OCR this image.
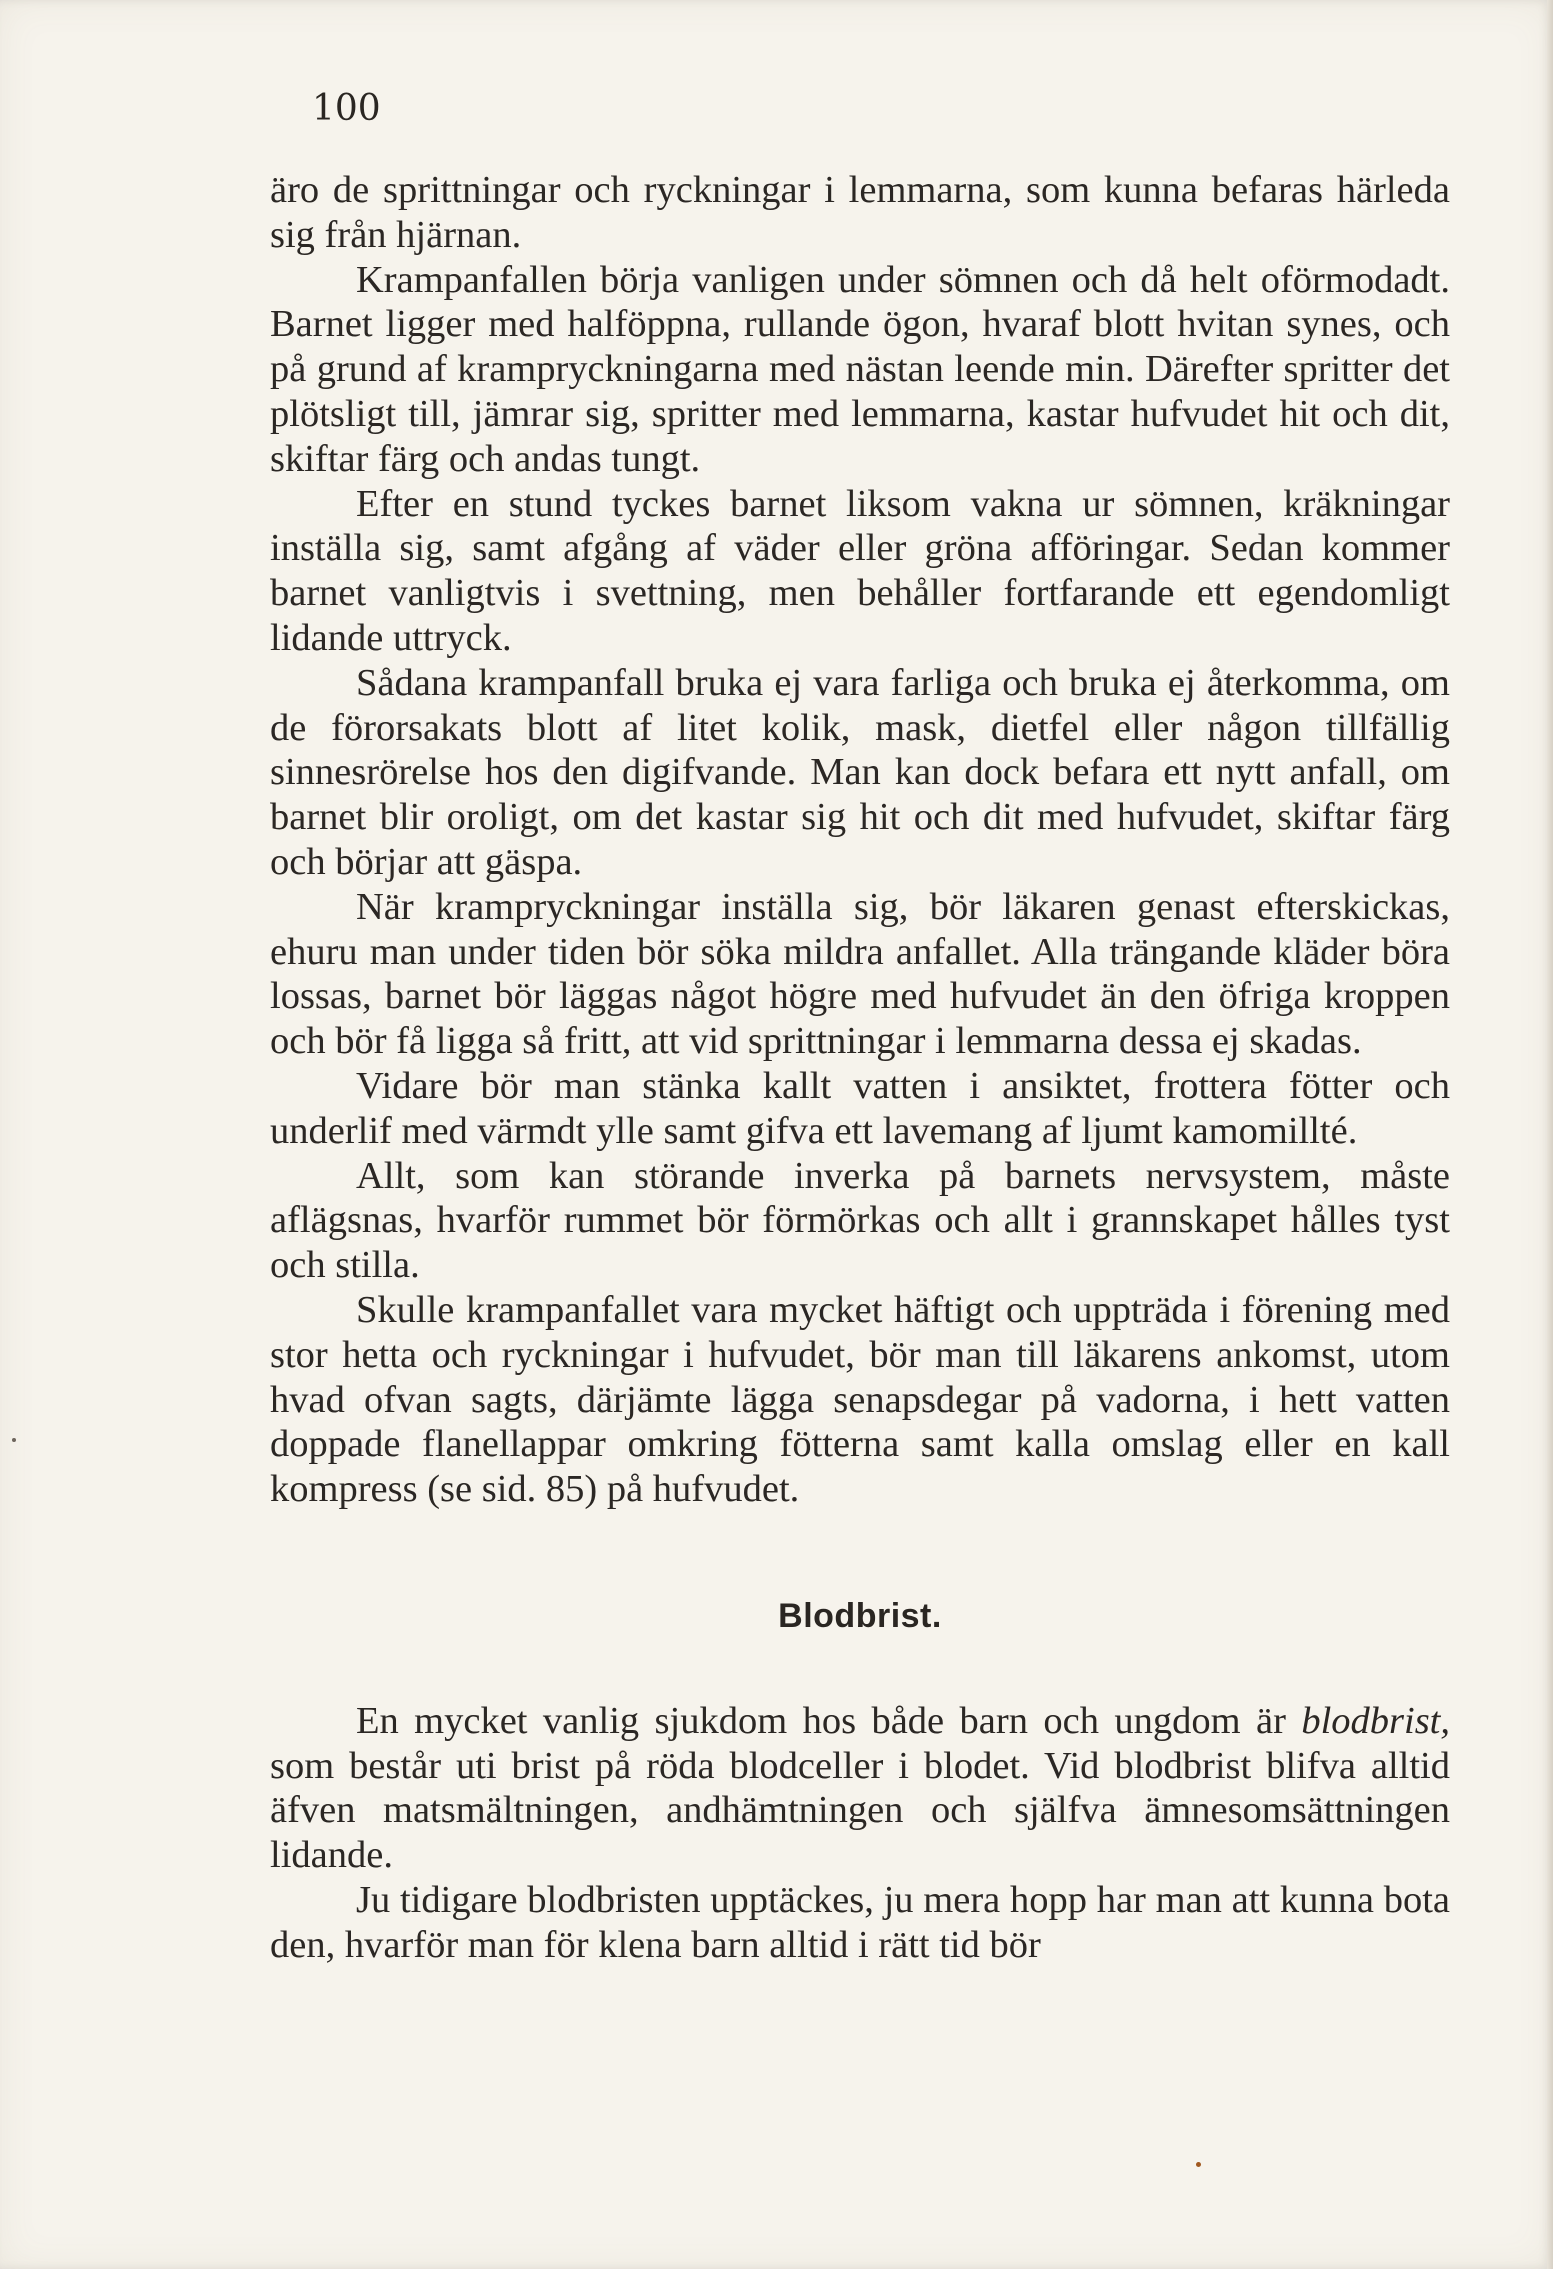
100

äro de sprittningar och ryckningar i lemmarna, som kunna befaras härleda sig från hjärnan.

Krampanfallen börja vanligen under sömnen och då helt oförmodadt. Barnet ligger med halföppna, rullande ögon, hvaraf blott hvitan synes, och på grund af krampryckningarna med nästan leende min. Därefter spritter det plötsligt till, jämrar sig, spritter med lemmarna, kastar hufvudet hit och dit, skiftar färg och andas tungt.

Efter en stund tyckes barnet liksom vakna ur sömnen, kräkningar inställa sig, samt afgång af väder eller gröna afföringar. Sedan kommer barnet vanligtvis i svettning, men behåller fortfarande ett egendomligt lidande uttryck.

Sådana krampanfall bruka ej vara farliga och bruka ej återkomma, om de förorsakats blott af litet kolik, mask, dietfel eller någon tillfällig sinnesrörelse hos den digifvande. Man kan dock befara ett nytt anfall, om barnet blir oroligt, om det kastar sig hit och dit med hufvudet, skiftar färg och börjar att gäspa.

När krampryckningar inställa sig, bör läkaren genast efterskickas, ehuru man under tiden bör söka mildra anfallet. Alla trängande kläder böra lossas, barnet bör läggas något högre med hufvudet än den öfriga kroppen och bör få ligga så fritt, att vid sprittningar i lemmarna dessa ej skadas.

Vidare bör man stänka kallt vatten i ansiktet, frottera fötter och underlif med värmdt ylle samt gifva ett lavemang af ljumt kamomillté.

Allt, som kan störande inverka på barnets nervsystem, måste aflägsnas, hvarför rummet bör förmörkas och allt i grannskapet hålles tyst och stilla.

Skulle krampanfallet vara mycket häftigt och uppträda i förening med stor hetta och ryckningar i hufvudet, bör man till läkarens ankomst, utom hvad ofvan sagts, därjämte lägga senapsdegar på vadorna, i hett vatten doppade flanellappar omkring fötterna samt kalla omslag eller en kall kompress (se sid. 85) på hufvudet.

Blodbrist.

En mycket vanlig sjukdom hos både barn och ungdom är blodbrist, som består uti brist på röda blodceller i blodet. Vid blodbrist blifva alltid äfven matsmältningen, andhämtningen och själfva ämnesomsättningen lidande.

Ju tidigare blodbristen upptäckes, ju mera hopp har man att kunna bota den, hvarför man för klena barn alltid i rätt tid bör
